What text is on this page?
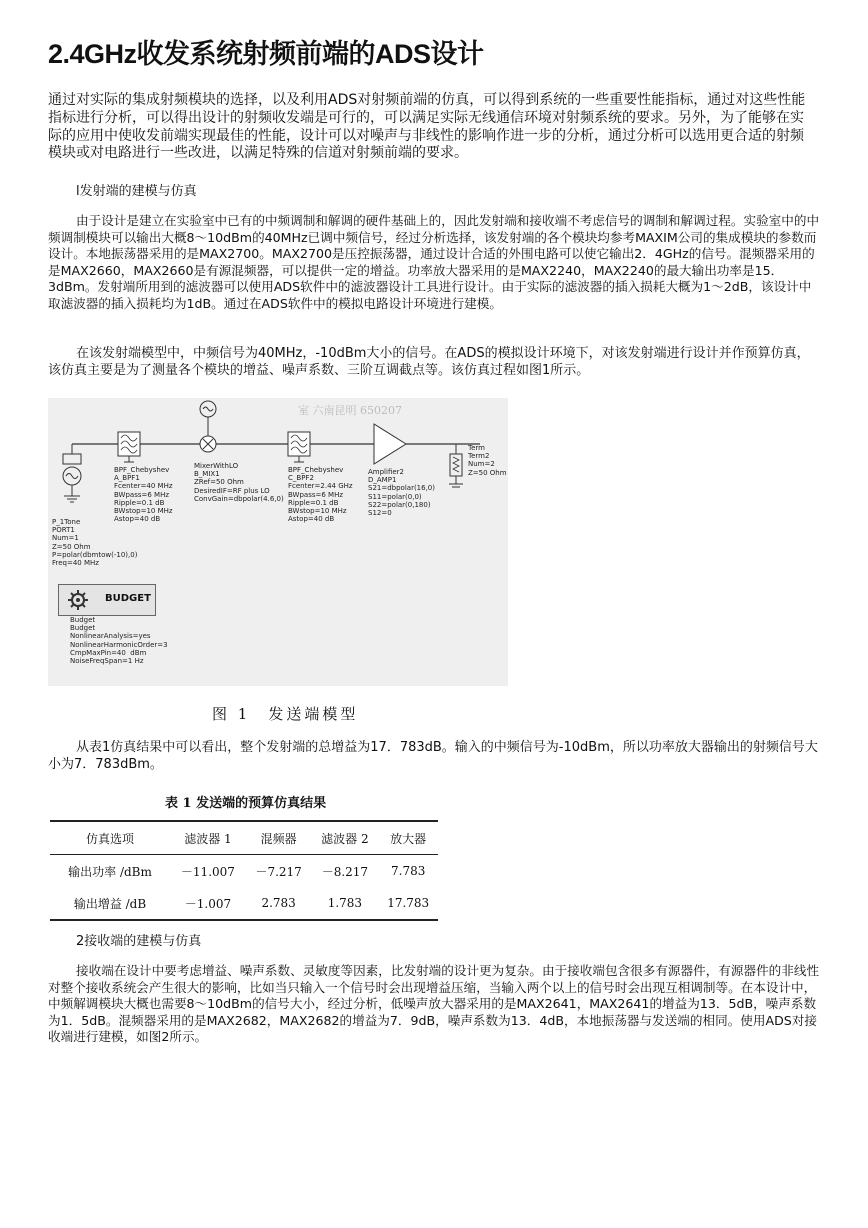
2.4GHz收发系统射频前端的ADS设计

通过对实际的集成射频模块的选择，以及利用ADS对射频前端的仿真，可以得到系统的一些重要性能指标，通过对这些性能指标进行分析，可以得出设计的射频收发端是可行的，可以满足实际无线通信环境对射频系统的要求。另外，为了能够在实际的应用中使收发前端实现最佳的性能，设计可以对噪声与非线性的影响作进一步的分析，通过分析可以选用更合适的射频模块或对电路进行一些改进，以满足特殊的信道对射频前端的要求。

l发射端的建模与仿真

由于设计是建立在实验室中已有的中频调制和解调的硬件基础上的，因此发射端和接收端不考虑信号的调制和解调过程。实验室中的中频调制模块可以输出大概8～10dBm的40MHz已调中频信号，经过分析选择，该发射端的各个模块均参考MAXIM公司的集成模块的参数而设计。本地振荡器采用的是MAX2700。MAX2700是压控振荡器，通过设计合适的外围电路可以使它输出2．4GHz的信号。混频器采用的是MAX2660，MAX2660是有源混频器，可以提供一定的增益。功率放大器采用的是MAX2240，MAX2240的最大输出功率是15．3dBm。发射端所用到的滤波器可以使用ADS软件中的滤波器设计工具进行设计。由于实际的滤波器的插入损耗大概为1～2dB，该设计中取滤波器的插入损耗均为1dB。通过在ADS软件中的模拟电路设计环境进行建模。

在该发射端模型中，中频信号为40MHz，-10dBm大小的信号。在ADS的模拟设计环境下，对该发射端进行设计并作预算仿真，该仿真主要是为了测量各个模块的增益、噪声系数、三阶互调截点等。该仿真过程如图1所示。

室 六南昆明 650207
P_1Tone
PORT1
Num=1
Z=50 Ohm
P=polar(dbmtow(-10),0)
Freq=40 MHz
BPF_Chebyshev
A_BPF1
Fcenter=40 MHz
BWpass=6 MHz
Ripple=0.1 dB
BWstop=10 MHz
Astop=40 dB
MixerWithLO
B_MIX1
ZRef=50 Ohm
DesiredIF=RF plus LO
ConvGain=dbpolar(4.6,0)
BPF_Chebyshev
C_BPF2
Fcenter=2.44 GHz
BWpass=6 MHz
Ripple=0.1 dB
BWstop=10 MHz
Astop=40 dB
Amplifier2
D_AMP1
S21=dbpolar(16,0)
S11=polar(0,0)
S22=polar(0,180)
S12=0
Term
Term2
Num=2
Z=50 Ohm
BUDGET
Budget
Budget
NonlinearAnalysis=yes
NonlinearHarmonicOrder=3
CmpMaxPin=40  dBm
NoiseFreqSpan=1 Hz
图 1 发送端模型

从表1仿真结果中可以看出，整个发射端的总增益为17．783dB。输入的中频信号为-10dBm，所以功率放大器输出的射频信号大小为7．783dBm。

表 1 发送端的预算仿真结果
仿真选项	滤波器 1	混频器	滤波器 2	放大器
输出功率 /dBm	－11.007	－7.217	－8.217	7.783
输出增益 /dB	－1.007	2.783	1.783	17.783

2接收端的建模与仿真

接收端在设计中要考虑增益、噪声系数、灵敏度等因素，比发射端的设计更为复杂。由于接收端包含很多有源器件，有源器件的非线性对整个接收系统会产生很大的影响，比如当只输入一个信号时会出现增益压缩，当输入两个以上的信号时会出现互相调制等。在本设计中，中频解调模块大概也需要8～10dBm的信号大小，经过分析，低噪声放大器采用的是MAX2641，MAX2641的增益为13．5dB，噪声系数为1．5dB。混频器采用的是MAX2682，MAX2682的增益为7．9dB，噪声系数为13．4dB，本地振荡器与发送端的相同。使用ADS对接收端进行建模，如图2所示。
